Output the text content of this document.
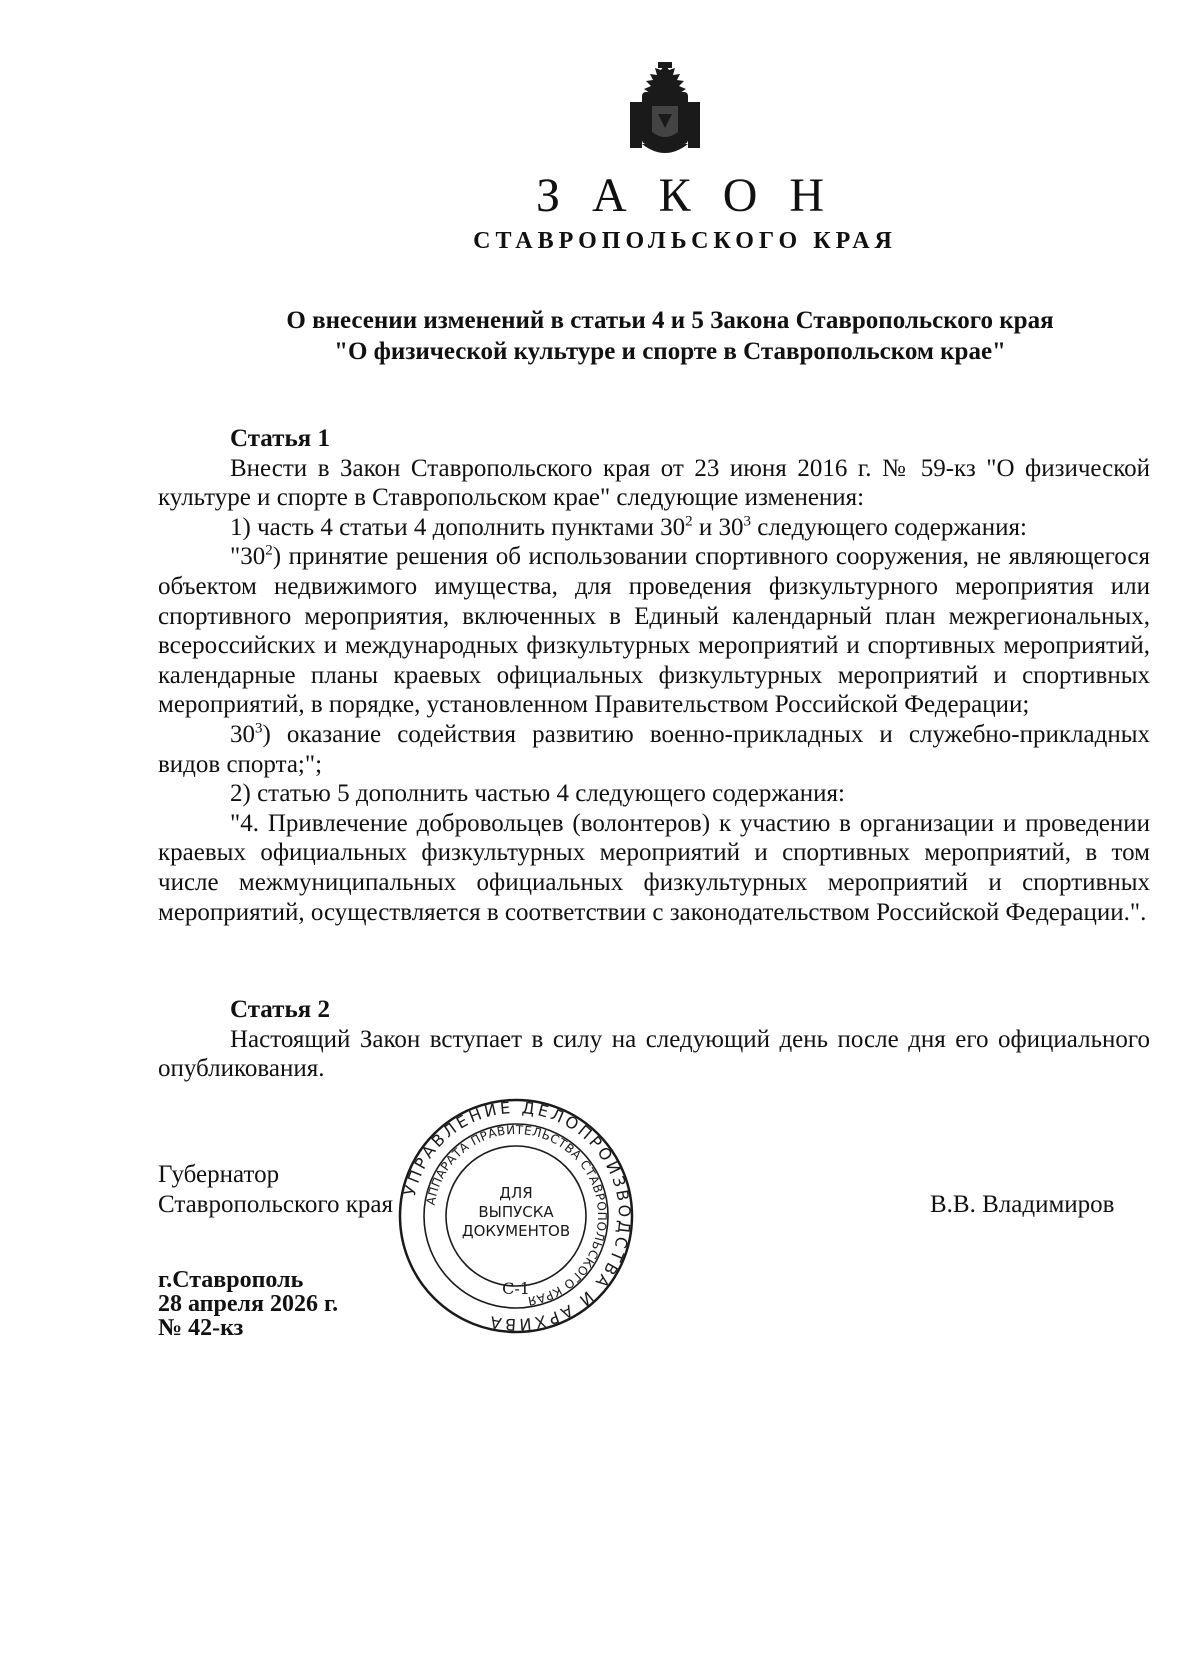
З А К О Н
СТАВРОПОЛЬСКОГО КРАЯ
О внесении изменений в статьи 4 и 5 Закона Ставропольского края
"О физической культуре и спорте в Ставропольском крае"
Статья 1

Внести в Закон Ставропольского края от 23 июня 2016 г. № 59-кз "О физической культуре и спорте в Ставропольском крае" следующие изменения:

1) часть 4 статьи 4 дополнить пунктами $30^2$ и $30^3$ следующего содержания:

"$30^2$) принятие решения об использовании спортивного сооружения, не являющегося объектом недвижимого имущества, для проведения физкультурного мероприятия или спортивного мероприятия, включенных в Единый календарный план межрегиональных, всероссийских и международных физкультурных мероприятий и спортивных мероприятий, календарные планы краевых официальных физкультурных мероприятий и спортивных мероприятий, в порядке, установленном Правительством Российской Федерации;

$30^3$) оказание содействия развитию военно-прикладных и служебно-прикладных видов спорта;";

2) статью 5 дополнить частью 4 следующего содержания:

"4. Привлечение добровольцев (волонтеров) к участию в организации и проведении краевых официальных физкультурных мероприятий и спортивных мероприятий, в том числе межмуниципальных официальных физкультурных мероприятий и спортивных мероприятий, осуществляется в соответствии с законодательством Российской Федерации.".

Статья 2

Настоящий Закон вступает в силу на следующий день после дня его официального опубликования.

Губернатор
Ставропольского края	В.В. Владимиров
г.Ставрополь
28 апреля 2026 г.
№ 42-кз
УПРАВЛЕНИЕ ДЕЛОПРОИЗВОДСТВА И АРХИВА
АППАРАТА ПРАВИТЕЛЬСТВА СТАВРОПОЛЬСКОГО КРАЯ
ДЛЯ
ВЫПУСКА
ДОКУМЕНТОВ
С-1
